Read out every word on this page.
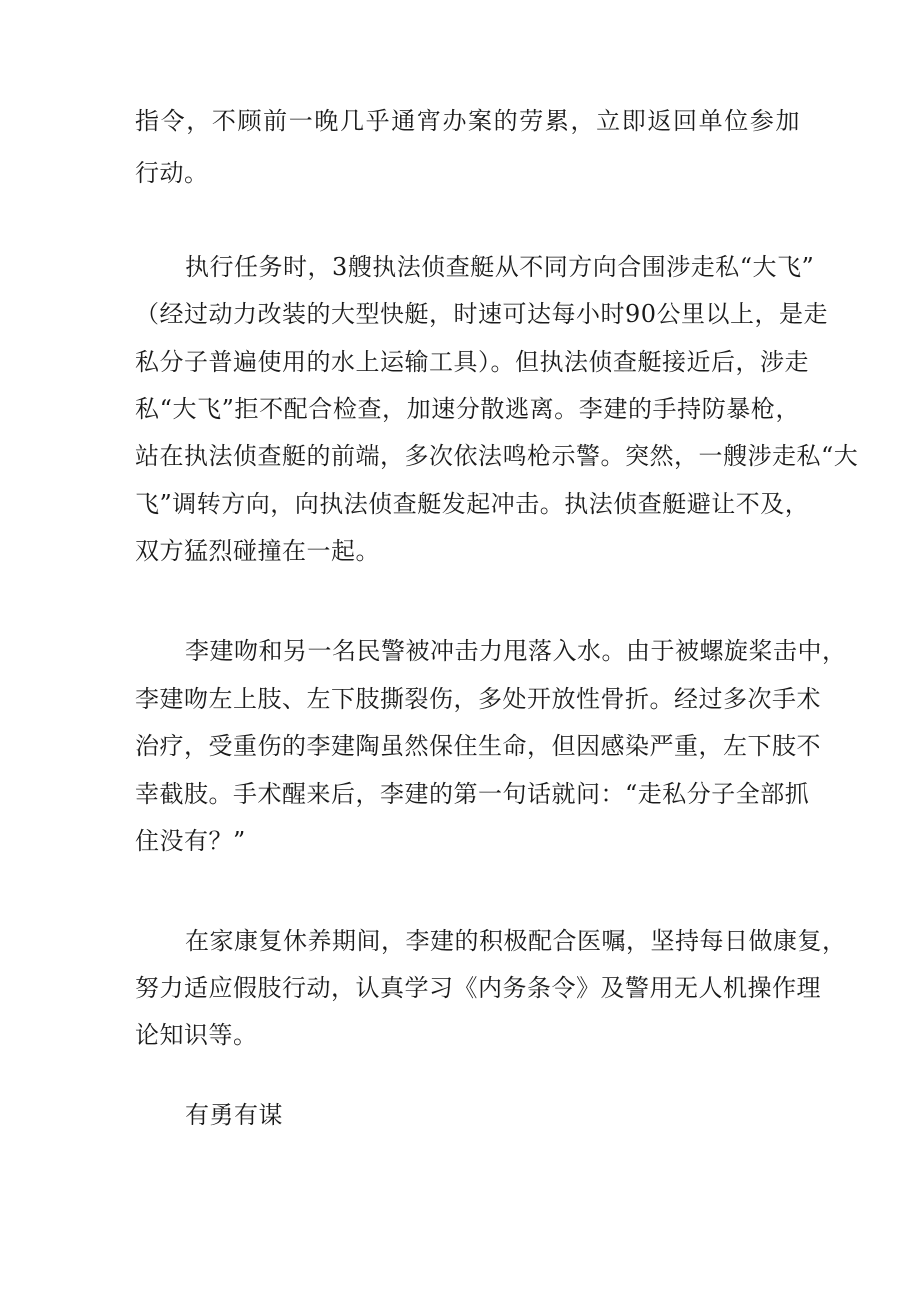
指令，不顾前一晚几乎通宵办案的劳累，立即返回单位参加
行动。
执行任务时，3艘执法侦查艇从不同方向合围涉走私“大飞”
（经过动力改装的大型快艇，时速可达每小时90公里以上，是走
私分子普遍使用的水上运输工具）。但执法侦查艇接近后，涉走
私“大飞”拒不配合检查，加速分散逃离。李建的手持防暴枪，
站在执法侦查艇的前端，多次依法鸣枪示警。突然，一艘涉走私“大
飞”调转方向，向执法侦查艇发起冲击。执法侦查艇避让不及，
双方猛烈碰撞在一起。
李建吻和另一名民警被冲击力甩落入水。由于被螺旋桨击中，
李建吻左上肢、左下肢撕裂伤，多处开放性骨折。经过多次手术
治疗，受重伤的李建陶虽然保住生命，但因感染严重，左下肢不
幸截肢。手术醒来后，李建的第一句话就问：“走私分子全部抓
住没有？”
在家康复休养期间，李建的积极配合医嘱，坚持每日做康复，
努力适应假肢行动，认真学习《内务条令》及警用无人机操作理
论知识等。
有勇有谋
